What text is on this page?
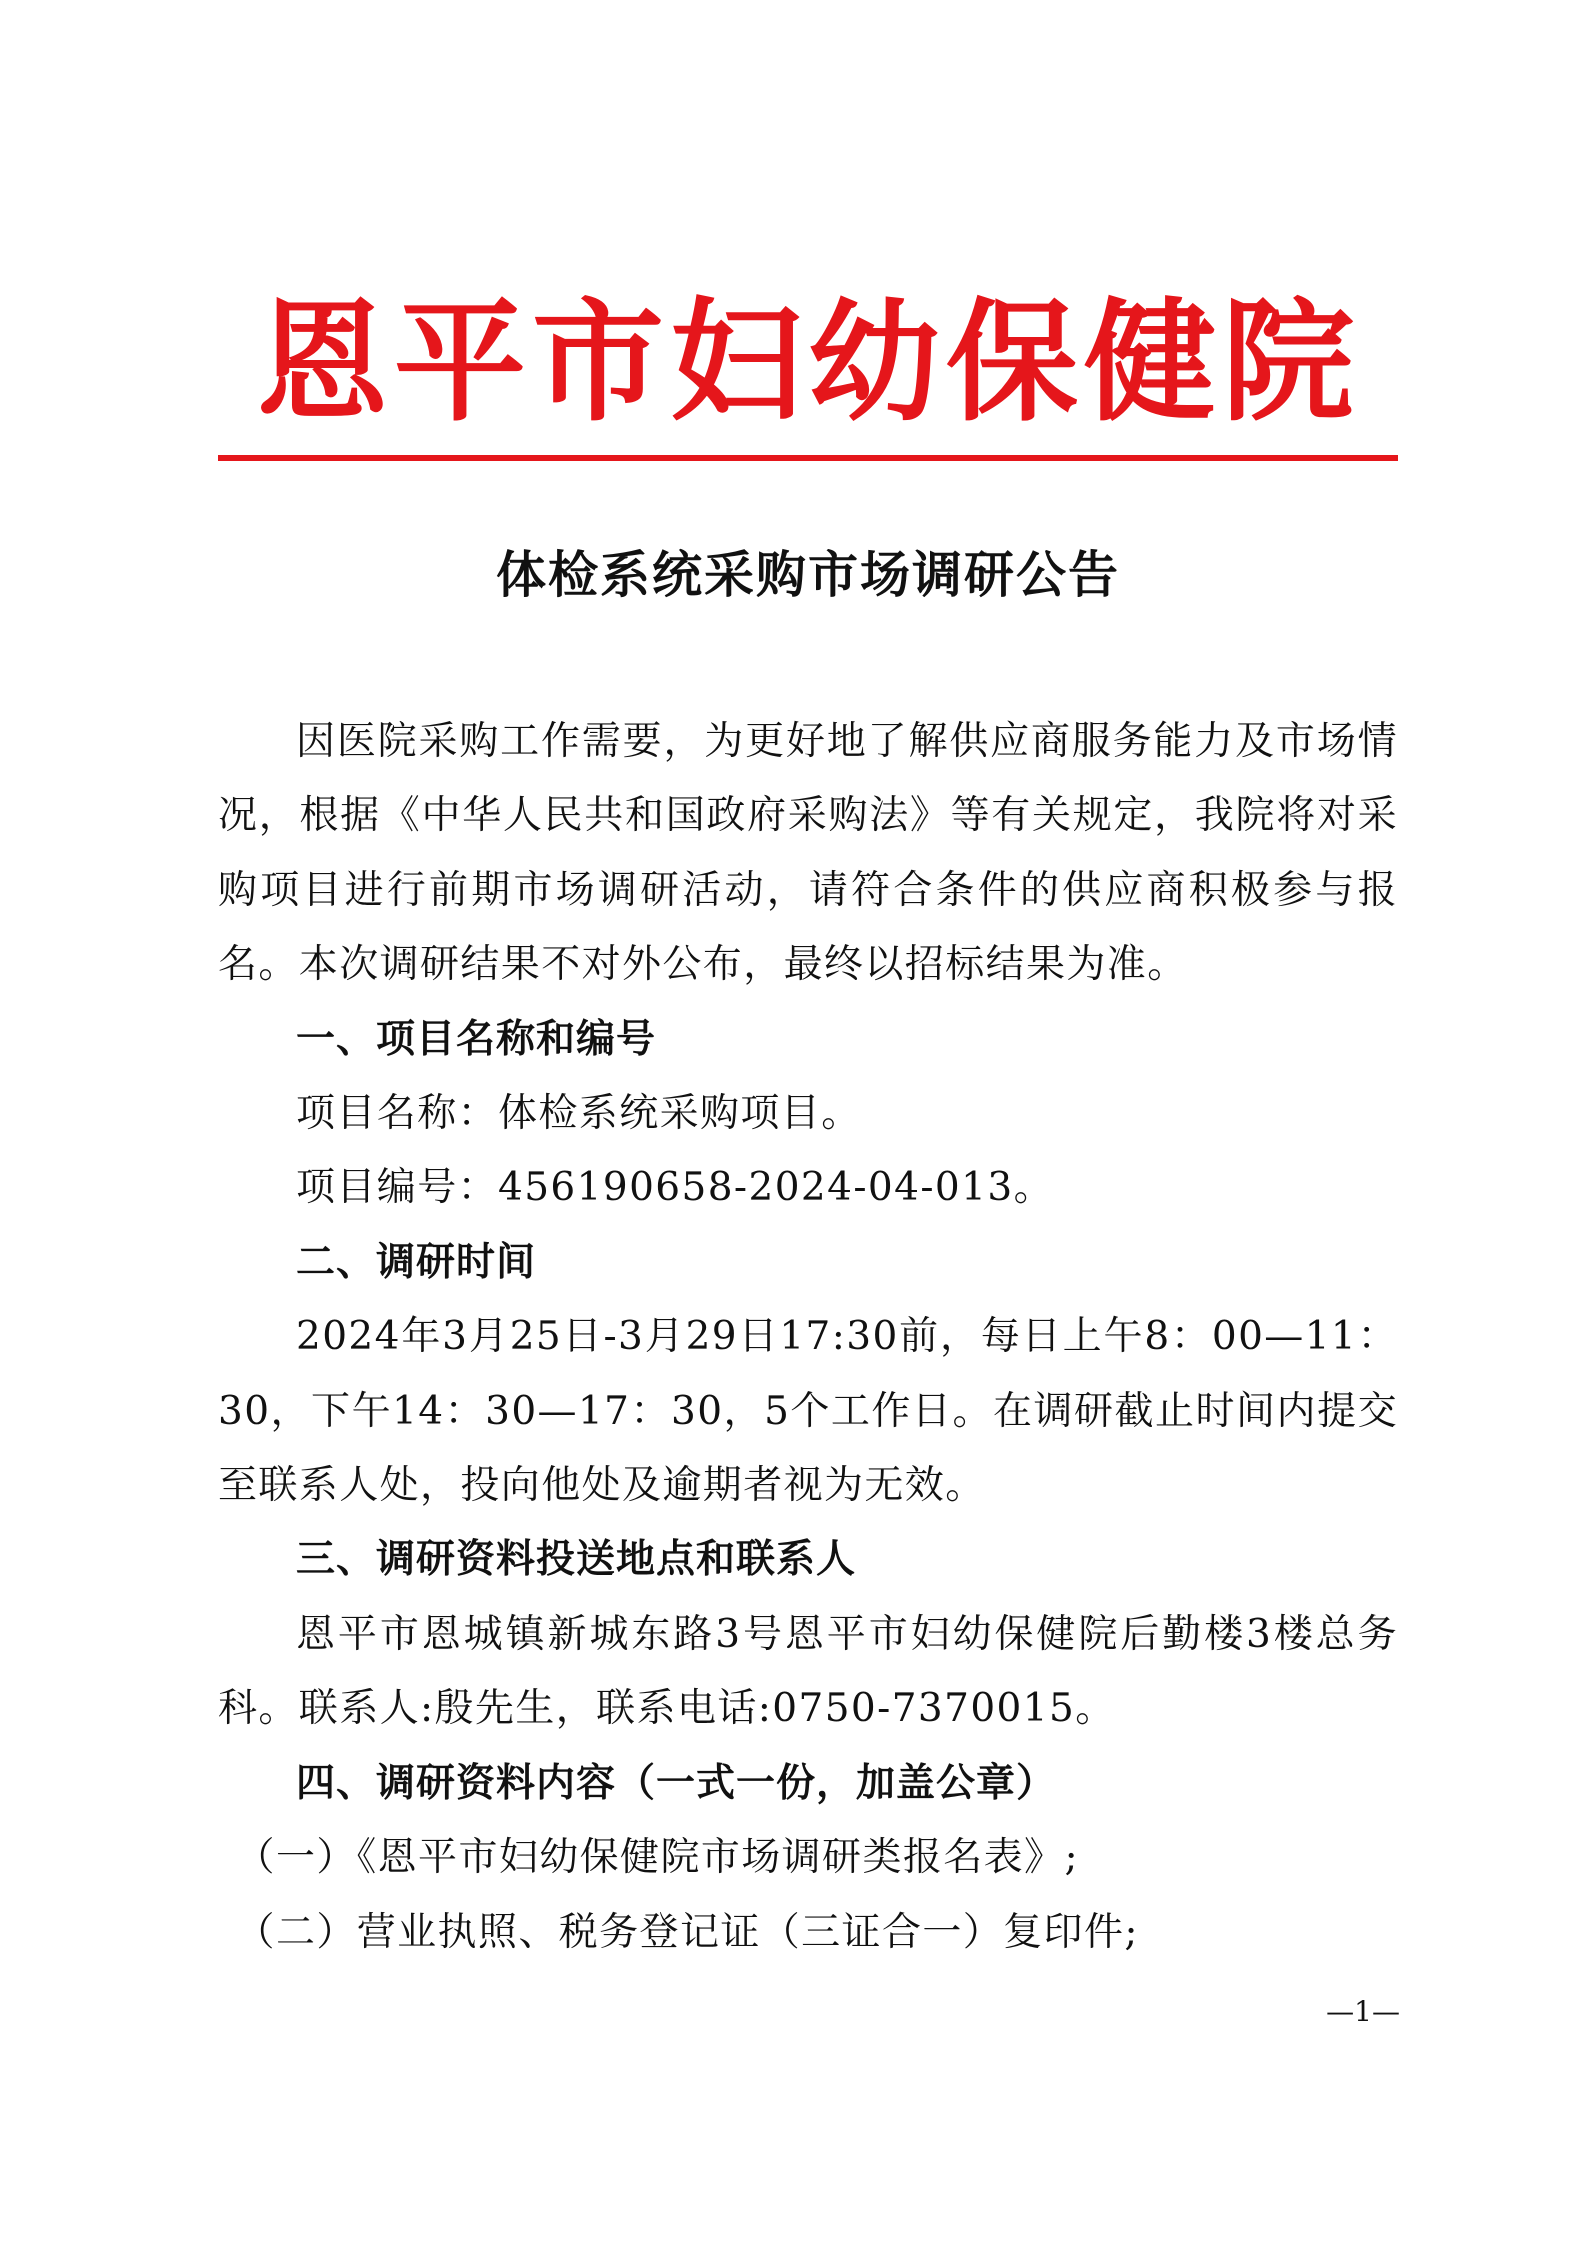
恩平市妇幼保健院
体检系统采购市场调研公告

因医院采购工作需要，为更好地了解供应商服务能力及市场情况，根据《中华人民共和国政府采购法》等有关规定，我院将对采购项目进行前期市场调研活动，请符合条件的供应商积极参与报名。本次调研结果不对外公布，最终以招标结果为准。

一、项目名称和编号

项目名称：体检系统采购项目。

项目编号：456190658-2024-04-013。

二、调研时间

2024年3月25日-3月29日17:30前，每日上午8：00—11：30，下午14：30—17：30，5个工作日。在调研截止时间内提交至联系人处，投向他处及逾期者视为无效。

三、调研资料投送地点和联系人

恩平市恩城镇新城东路3号恩平市妇幼保健院后勤楼3楼总务科。联系人:殷先生，联系电话:0750-7370015。

四、调研资料内容（一式一份，加盖公章）

（一）《恩平市妇幼保健院市场调研类报名表》;

（二）营业执照、税务登记证（三证合一）复印件;

—1—
